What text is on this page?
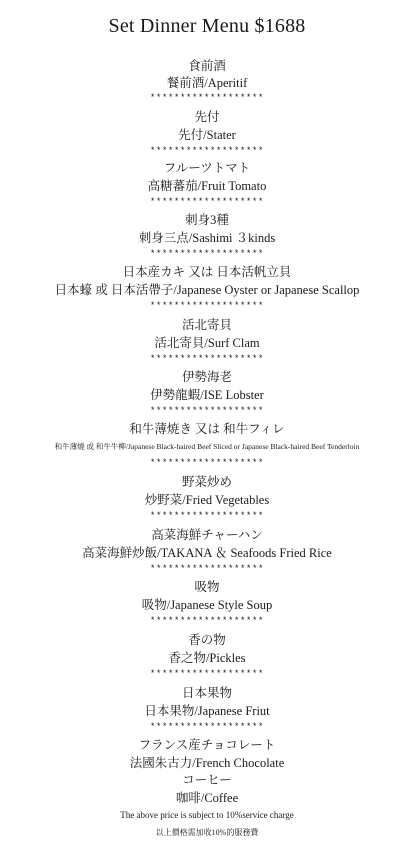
Set Dinner Menu $1688
食前酒
餐前酒/Aperitif
*******************
先付
先付/Stater
*******************
フルーツトマト
高糖蕃茄/Fruit Tomato
*******************
刺身3種
刺身三点/Sashimi ３kinds
*******************
日本産カキ 又は 日本活帆立貝
日本蠔 或 日本活帶子/Japanese Oyster or Japanese Scallop
*******************
活北寄貝
活北寄貝/Surf Clam
*******************
伊勢海老
伊勢龍蝦/ISE Lobster
*******************
和牛薄焼き 又は 和牛フィレ
和牛薄燒 或 和牛牛柳/Japanese Black-haired Beef Sliced or Japanese Black-haired Beef Tenderloin
*******************
野菜炒め
炒野菜/Fried Vegetables
*******************
高菜海鮮チャーハン
高菜海鮮炒飯/TAKANA ＆ Seafoods Fried Rice
*******************
吸物
吸物/Japanese Style Soup
*******************
香の物
香之物/Pickles
*******************
日本果物
日本果物/Japanese Friut
*******************
フランス産チョコレート
法國朱古力/French Chocolate
コーヒー
咖啡/Coffee
The above price is subject to 10%service charge
以上價格需加收10%的服務費
